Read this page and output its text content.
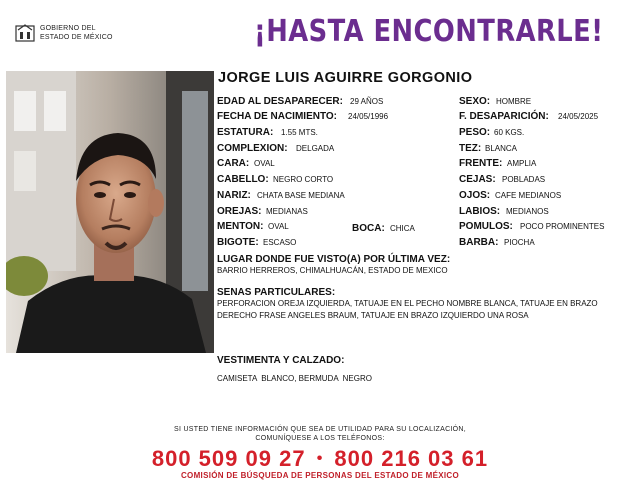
GOBIERNO DEL
ESTADO DE MÉXICO	¡HASTA ENCONTRARLE!
JORGE LUIS AGUIRRE GORGONIO
EDAD AL DESAPARECER: 29 AÑOS	SEXO: HOMBRE
FECHA DE NACIMIENTO: 24/05/1996	F. DESAPARICIÓN: 24/05/2025
ESTATURA: 1.55 MTS.	PESO: 60 KGS.
COMPLEXION: DELGADA	TEZ: BLANCA
CARA: OVAL	FRENTE: AMPLIA
CABELLO: NEGRO CORTO	CEJAS: POBLADAS
NARIZ: CHATA BASE MEDIANA	OJOS: CAFE MEDIANOS
OREJAS: MEDIANAS	LABIOS: MEDIANOS
MENTON: OVAL	BOCA: CHICA	POMULOS: POCO PROMINENTES
BIGOTE: ESCASO	BARBA: PIOCHA
LUGAR DONDE FUE VISTO(A) POR ÚLTIMA VEZ:
BARRIO HERREROS, CHIMALHUACÁN, ESTADO DE MEXICO
SENAS PARTICULARES:
PERFORACION OREJA IZQUIERDA, TATUAJE EN EL PECHO NOMBRE BLANCA, TATUAJE EN BRAZO DERECHO FRASE ANGELES BRAUM, TATUAJE EN BRAZO IZQUIERDO UNA ROSA
VESTIMENTA Y CALZADO:
CAMISETA  BLANCO, BERMUDA  NEGRO
SI USTED TIENE INFORMACIÓN QUE SEA DE UTILIDAD PARA SU LOCALIZACIÓN,
COMUNÍQUESE A LOS TELÉFONOS:
800 509 09 27 • 800 216 03 61
COMISIÓN DE BÚSQUEDA DE PERSONAS DEL ESTADO DE MÉXICO
